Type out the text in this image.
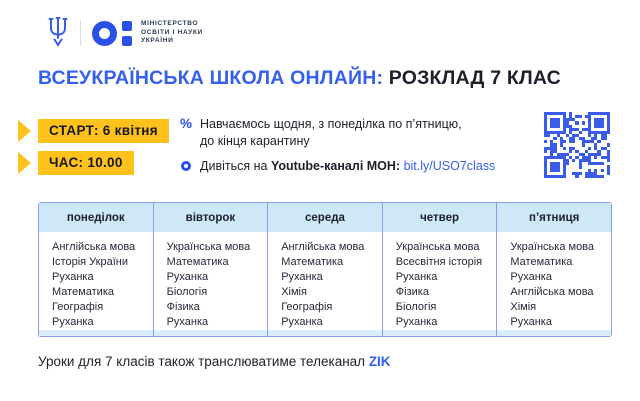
МІНІСТЕРСТВО
ОСВІТИ І НАУКИ
УКРАЇНИ
ВСЕУКРАЇНСЬКА ШКОЛА ОНЛАЙН: РОЗКЛАД 7 КЛАС
СТАРТ: 6 квітня
ЧАС: 10.00
% Навчаємось щодня, з понеділка по п’ятницю,
до кінця карантину
Дивіться на Youtube-каналі МОН: bit.ly/USO7class
понеділок
Англійська мова
Історія України
Руханка
Математика
Географія
Руханка
вівторок
Українська мова
Математика
Руханка
Біологія
Фізика
Руханка
середа
Англійська мова
Математика
Руханка
Хімія
Географія
Руханка
четвер
Українська мова
Всесвітня історія
Руханка
Фізика
Біологія
Руханка
п’ятниця
Українська мова
Математика
Руханка
Англійська мова
Хімія
Руханка
Уроки для 7 класів також транслюватиме телеканал ZIK
